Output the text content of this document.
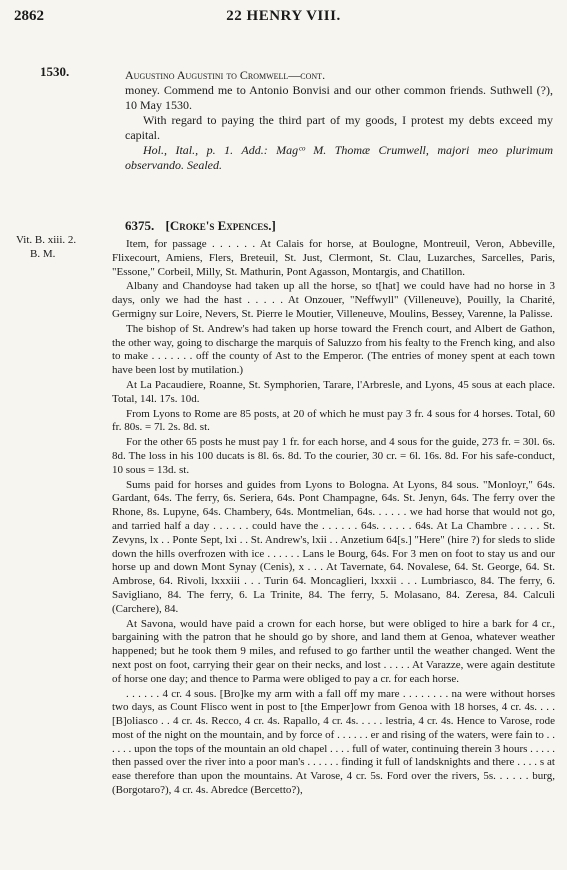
2862	22 HENRY VIII.
1530.	Augustino Augustini to Cromwell—cont.

money. Commend me to Antonio Bonvisi and our other common friends. Suthwell (?), 10 May 1530.

With regard to paying the third part of my goods, I protest my debts exceed my capital.

Hol., Ital., p. 1. Add.: Magᶜᵒ M. Thomæ Crumwell, majori meo plurimum observando. Sealed.

6375. [Croke's Expences.]
Vit. B. xiii. 2.
B. M.

Item, for passage . . . . . . At Calais for horse, at Boulogne, Montreuil, Veron, Abbeville, Flixecourt, Amiens, Flers, Breteuil, St. Just, Clermont, St. Clau, Luzarches, Sarcelles, Paris, "Essone," Corbeil, Milly, St. Mathurin, Pont Agasson, Montargis, and Chatillon.

Albany and Chandoyse had taken up all the horse, so t[hat] we could have had no horse in 3 days, only we had the hast . . . . . At Onzouer, "Neffwyll" (Villeneuve), Pouilly, la Charité, Germigny sur Loire, Nevers, St. Pierre le Moutier, Villeneuve, Moulins, Bessey, Varenne, la Palisse.

The bishop of St. Andrew's had taken up horse toward the French court, and Albert de Gathon, the other way, going to discharge the marquis of Saluzzo from his fealty to the French king, and also to make . . . . . . . off the county of Ast to the Emperor. (The entries of money spent at each town have been lost by mutilation.)

At La Pacaudiere, Roanne, St. Symphorien, Tarare, l'Arbresle, and Lyons, 45 sous at each place. Total, 14l. 17s. 10d.

From Lyons to Rome are 85 posts, at 20 of which he must pay 3 fr. 4 sous for 4 horses. Total, 60 fr. 80s. = 7l. 2s. 8d. st.

For the other 65 posts he must pay 1 fr. for each horse, and 4 sous for the guide, 273 fr. = 30l. 6s. 8d. The loss in his 100 ducats is 8l. 6s. 8d. To the courier, 30 cr. = 6l. 16s. 8d. For his safe-conduct, 10 sous = 13d. st.

Sums paid for horses and guides from Lyons to Bologna. At Lyons, 84 sous. "Monloyr," 64s. Gardant, 64s. The ferry, 6s. Seriera, 64s. Pont Champagne, 64s. St. Jenyn, 64s. The ferry over the Rhone, 8s. Lupyne, 64s. Chambery, 64s. Montmelian, 64s. . . . . . we had horse that would not go, and tarried half a day . . . . . . could have the . . . . . . 64s. . . . . . 64s. At La Chambre . . . . . St. Zevyns, lx . . Ponte Sept, lxi . . St. Andrew's, lxii . . Anzetium 64[s.] "Here" (hire ?) for sleds to slide down the hills overfrozen with ice . . . . . . Lans le Bourg, 64s. For 3 men on foot to stay us and our horse up and down Mont Synay (Cenis), x . . . At Tavernate, 64. Novalese, 64. St. George, 64. St. Ambrose, 64. Rivoli, lxxxiii . . . Turin 64. Moncaglieri, lxxxii . . . Lumbriasco, 84. The ferry, 6. Savigliano, 84. The ferry, 6. La Trinite, 84. The ferry, 5. Molasano, 84. Zeresa, 84. Calculi (Carchere), 84.

At Savona, would have paid a crown for each horse, but were obliged to hire a bark for 4 cr., bargaining with the patron that he should go by shore, and land them at Genoa, whatever weather happened; but he took them 9 miles, and refused to go farther until the weather changed. Went the next post on foot, carrying their gear on their necks, and lost . . . . . At Varazze, were again destitute of horse one day; and thence to Parma were obliged to pay a cr. for each horse.

. . . . . . 4 cr. 4 sous. [Bro]ke my arm with a fall off my mare . . . . . . . . na were without horses two days, as Count Fliscо went in post to [the Emper]owr from Genoa with 18 horses, 4 cr. 4s. . . . [B]oliasco . . 4 cr. 4s. Recco, 4 cr. 4s. Rapallo, 4 cr. 4s. . . . . lestria, 4 cr. 4s. Hence to Varose, rode most of the night on the mountain, and by force of . . . . . . er and rising of the waters, were fain to . . . . . . upon the tops of the mountain an old chapel . . . . full of water, continuing therein 3 hours . . . . . then passed over the river into a poor man's . . . . . . finding it full of landsknights and there . . . . s at ease therefore than upon the mountains. At Varose, 4 cr. 5s. Ford over the rivers, 5s. . . . . . burg, (Borgotaro?), 4 cr. 4s. Abredce (Bercetto?),
